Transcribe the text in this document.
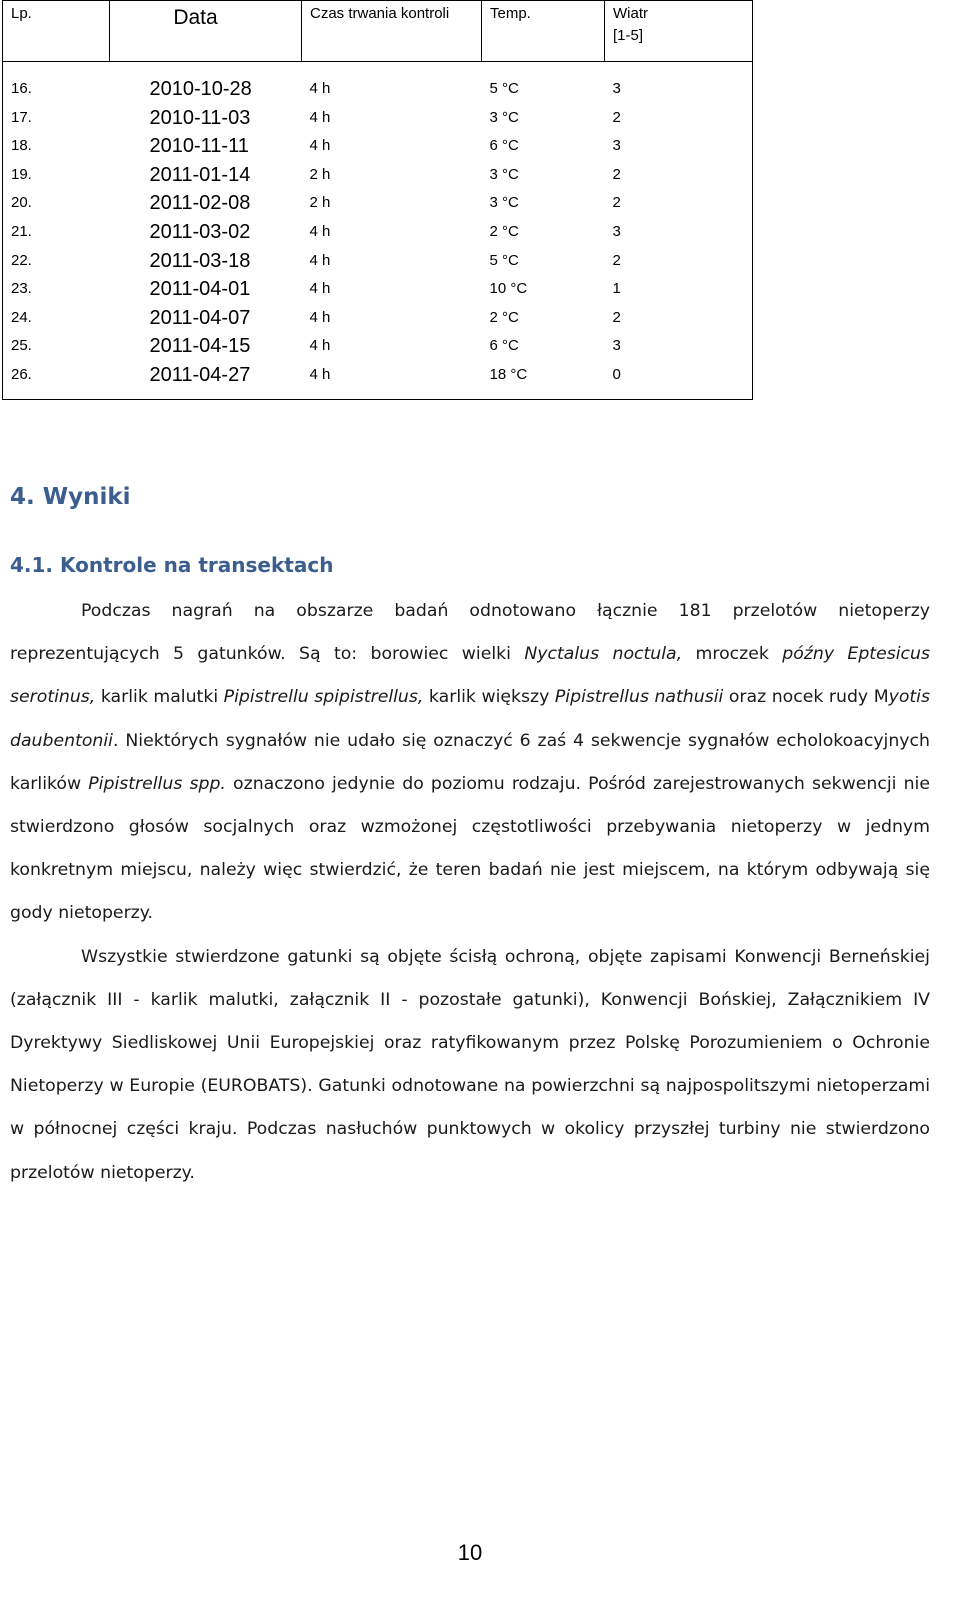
Lp.	Data	Czas trwania kontroli	Temp.	Wiatr
[1-5]

16.	2010-10-28	4 h	5 °C	3
17.	2010-11-03	4 h	3 °C	2
18.	2010-11-11	4 h	6 °C	3
19.	2011-01-14	2 h	3 °C	2
20.	2011-02-08	2 h	3 °C	2
21.	2011-03-02	4 h	2 °C	3
22.	2011-03-18	4 h	5 °C	2
23.	2011-04-01	4 h	10 °C	1
24.	2011-04-07	4 h	2 °C	2
25.	2011-04-15	4 h	6 °C	3
26.	2011-04-27	4 h	18 °C	0
4. Wyniki
4.1. Kontrole na transektach

Podczas nagrań na obszarze badań odnotowano łącznie 181 przelotów nietoperzy reprezentujących 5 gatunków. Są to: borowiec wielki Nyctalus noctula, mroczek późny Eptesicus serotinus, karlik malutki Pipistrellu spipistrellus, karlik większy Pipistrellus nathusii oraz nocek rudy Myotis daubentonii. Niektórych sygnałów nie udało się oznaczyć 6 zaś 4 sekwencje sygnałów echolokoacyjnych karlików Pipistrellus spp. oznaczono jedynie do poziomu rodzaju. Pośród zarejestrowanych sekwencji nie stwierdzono głosów socjalnych oraz wzmożonej częstotliwości przebywania nietoperzy w jednym konkretnym miejscu, należy więc stwierdzić, że teren badań nie jest miejscem, na którym odbywają się gody nietoperzy.

Wszystkie stwierdzone gatunki są objęte ścisłą ochroną, objęte zapisami Konwencji Berneńskiej (załącznik III - karlik malutki, załącznik II - pozostałe gatunki), Konwencji Bońskiej, Załącznikiem IV Dyrektywy Siedliskowej Unii Europejskiej oraz ratyfikowanym przez Polskę Porozumieniem o Ochronie Nietoperzy w Europie (EUROBATS). Gatunki odnotowane na powierzchni są najpospolitszymi nietoperzami w północnej części kraju. Podczas nasłuchów punktowych w okolicy przyszłej turbiny nie stwierdzono przelotów nietoperzy.

10
